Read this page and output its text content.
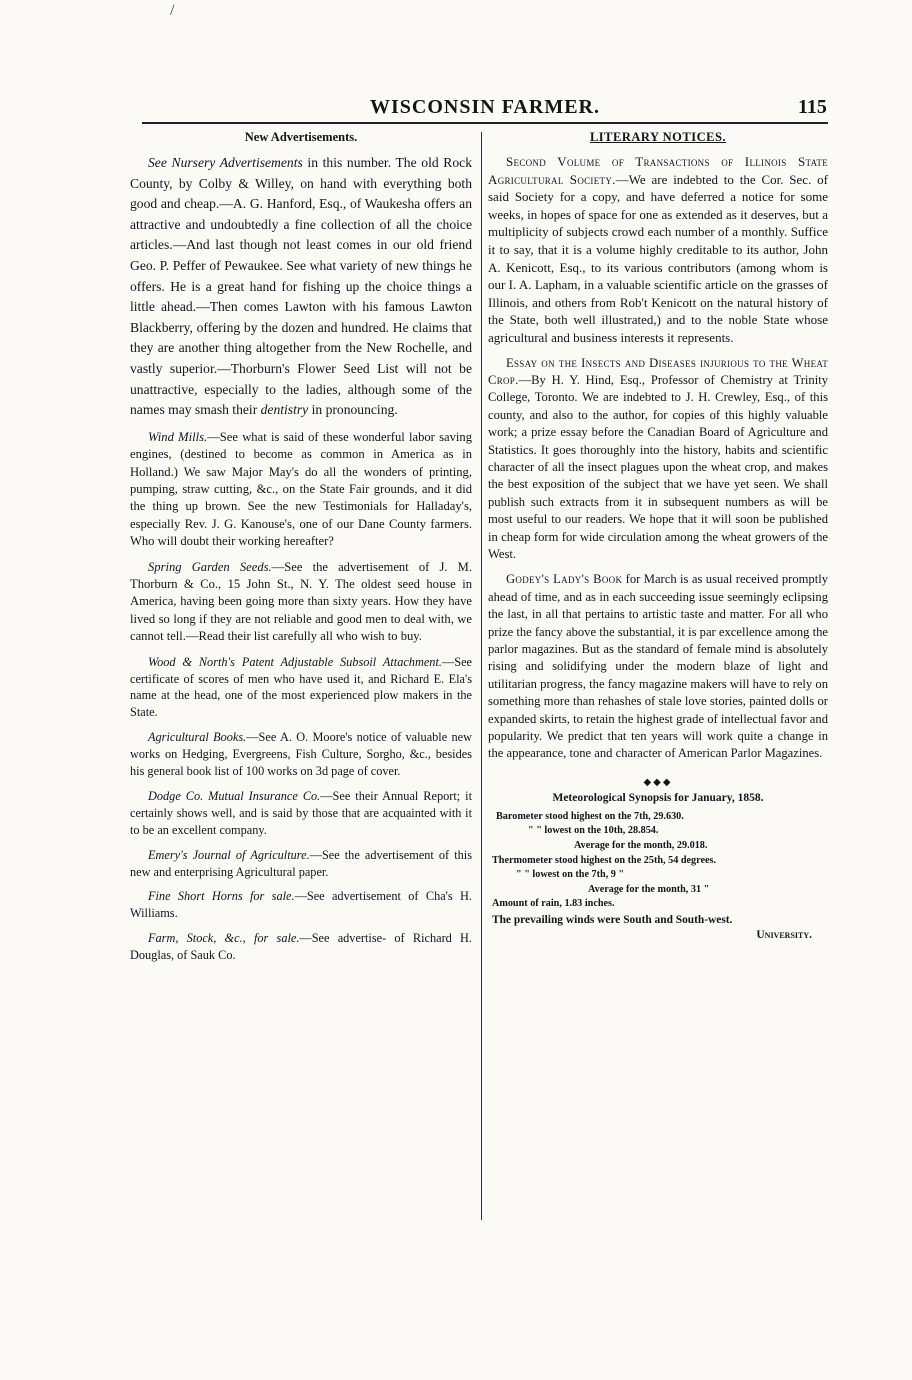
/
WISCONSIN FARMER.	115
New Advertisements.

See Nursery Advertisements in this number. The old Rock County, by Colby & Willey, on hand with everything both good and cheap.—A. G. Hanford, Esq., of Waukesha offers an attractive and undoubtedly a fine collection of all the choice articles.—And last though not least comes in our old friend Geo. P. Peffer of Pewaukee. See what variety of new things he offers. He is a great hand for fishing up the choice things a little ahead.—Then comes Lawton with his famous Lawton Blackberry, offering by the dozen and hundred. He claims that they are another thing altogether from the New Rochelle, and vastly superior.—Thorburn's Flower Seed List will not be unattractive, especially to the ladies, although some of the names may smash their dentistry in pronouncing.

Wind Mills.—See what is said of these wonderful labor saving engines, (destined to become as common in America as in Holland.) We saw Major May's do all the wonders of printing, pumping, straw cutting, &c., on the State Fair grounds, and it did the thing up brown. See the new Testimonials for Halladay's, especially Rev. J. G. Kanouse's, one of our Dane County farmers. Who will doubt their working hereafter?

Spring Garden Seeds.—See the advertisement of J. M. Thorburn & Co., 15 John St., N. Y. The oldest seed house in America, having been going more than sixty years. How they have lived so long if they are not reliable and good men to deal with, we cannot tell.—Read their list carefully all who wish to buy.

Wood & North's Patent Adjustable Subsoil Attachment.—See certificate of scores of men who have used it, and Richard E. Ela's name at the head, one of the most experienced plow makers in the State.

Agricultural Books.—See A. O. Moore's notice of valuable new works on Hedging, Evergreens, Fish Culture, Sorgho, &c., besides his general book list of 100 works on 3d page of cover.

Dodge Co. Mutual Insurance Co.—See their Annual Report; it certainly shows well, and is said by those that are acquainted with it to be an excellent company.

Emery's Journal of Agriculture.—See the advertisement of this new and enterprising Agricultural paper.

Fine Short Horns for sale.—See advertisement of Cha's H. Williams.

Farm, Stock, &c., for sale.—See advertise- of Richard H. Douglas, of Sauk Co.

LITERARY NOTICES.

Second Volume of Transactions of Illinois State Agricultural Society.—We are indebted to the Cor. Sec. of said Society for a copy, and have deferred a notice for some weeks, in hopes of space for one as extended as it deserves, but a multiplicity of subjects crowd each number of a monthly. Suffice it to say, that it is a volume highly creditable to its author, John A. Kenicott, Esq., to its various contributors (among whom is our I. A. Lapham, in a valuable scientific article on the grasses of Illinois, and others from Rob't Kenicott on the natural history of the State, both well illustrated,) and to the noble State whose agricultural and business interests it represents.

Essay on the Insects and Diseases injurious to the Wheat Crop.—By H. Y. Hind, Esq., Professor of Chemistry at Trinity College, Toronto. We are indebted to J. H. Crewley, Esq., of this county, and also to the author, for copies of this highly valuable work; a prize essay before the Canadian Board of Agriculture and Statistics. It goes thoroughly into the history, habits and scientific character of all the insect plagues upon the wheat crop, and makes the best exposition of the subject that we have yet seen. We shall publish such extracts from it in subsequent numbers as will be most useful to our readers. We hope that it will soon be published in cheap form for wide circulation among the wheat growers of the West.

Godey's Lady's Book for March is as usual received promptly ahead of time, and as in each succeeding issue seemingly eclipsing the last, in all that pertains to artistic taste and matter. For all who prize the fancy above the substantial, it is par excellence among the parlor magazines. But as the standard of female mind is absolutely rising and solidifying under the modern blaze of light and utilitarian progress, the fancy magazine makers will have to rely on something more than rehashes of stale love stories, painted dolls or expanded skirts, to retain the highest grade of intellectual favor and popularity. We predict that ten years will work quite a change in the appearance, tone and character of American Parlor Magazines.

◆◆◆
Meteorological Synopsis for January, 1858.
Barometer stood highest on the 7th, 29.630.
" " lowest on the 10th, 28.854.
Average for the month, 29.018.
Thermometer stood highest on the 25th, 54 degrees.
" " lowest on the 7th, 9 "
Average for the month, 31 "
Amount of rain, 1.83 inches.
The prevailing winds were South and South-west.
University.
